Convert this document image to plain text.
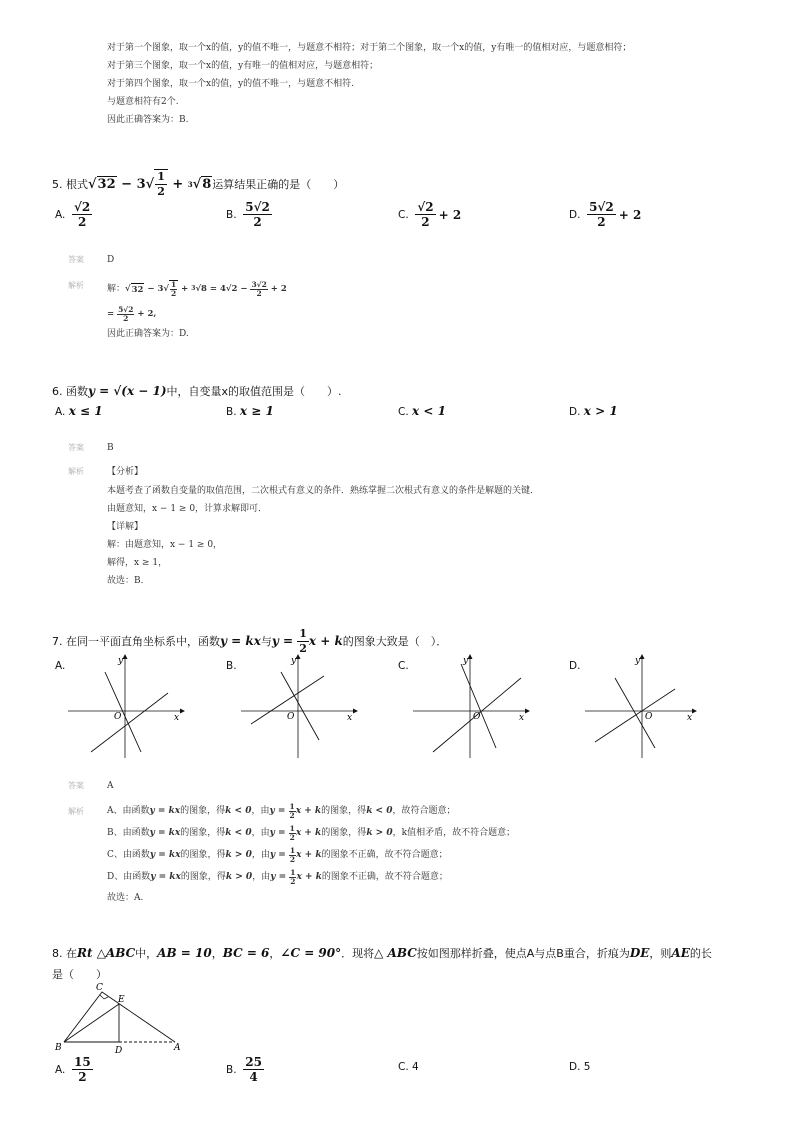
对于第一个图象，取一个x的值，y的值不唯一，与题意不相符；对于第二个图象，取一个x的值，y有唯一的值相对应，与题意相符；
对于第三个图象，取一个x的值，y有唯一的值相对应，与题意相符；
对于第四个图象，取一个x的值，y的值不唯一，与题意不相符.
与题意相符有2个.
因此正确答案为：B.
5. 根式 √ $32 - 3√ \frac{1}{2} + 3$ √ 8 运算结果正确的是（　　）
A.
$\frac{√2}{2}$	B.
$\frac{5√2}{2}$	C.
$\frac{√2}{2} + 2$	D.
$\frac{5√2}{2} + 2$
答案	D
解析	解： √ $32 - 3√ \frac{1}{2} + 3$ √8 = 4√2 − 3√2
2 + 2
= 5√2
2 + 2,
因此正确答案为：D.
6. 函数y = √(x − 1)中，自变量x的取值范围是（　　）.
A. x ≤ 1	B. x ≥ 1	C. x < 1	D. x > 1
答案	B
解析	【分析】
本题考查了函数自变量的取值范围，二次根式有意义的条件．熟练掌握二次根式有意义的条件是解题的关键．
由题意知，x − 1 ≥ 0，计算求解即可．
【详解】
解：由题意知，x − 1 ≥ 0，
解得，x ≥ 1，
故选：B．
7. 在同一平面直角坐标系中，函数 y = kx 与 $y = \frac{1}{2}$ x + k 的图象大致是（　）．
A.	B.	C.	D.
y
x
O
y
x
O
y
x
O
y
x
O
答案	A
解析	A、由函数 y = kx 的图象，得 k < 0 ，由 y = 1
2 x + k 的图象，得 k < 0 ，故符合题意；
B、由函数 y = kx 的图象，得 k < 0 ，由 y = 1
2 x + k 的图象，得 k > 0 ，k值相矛盾，故不符合题意；
C、由函数 y = kx 的图象，得 k > 0 ，由 y = 1
2 x + k 的图象不正确，故不符合题意；
D、由函数 y = kx 的图象，得 k > 0 ，由 y = 1
2 x + k 的图象不正确，故不符合题意；
故选：A.
8. 在Rt △ABC中，AB = 10，BC = 6，∠C = 90°．现将△ ABC按如图那样折叠，使点A与点B重合，折痕为DE，则AE的长
是（　　）
C
E
B	D	A
A.
$\frac{15}{2}$	B.
$\frac{25}{4}$	C. 4	D. 5
